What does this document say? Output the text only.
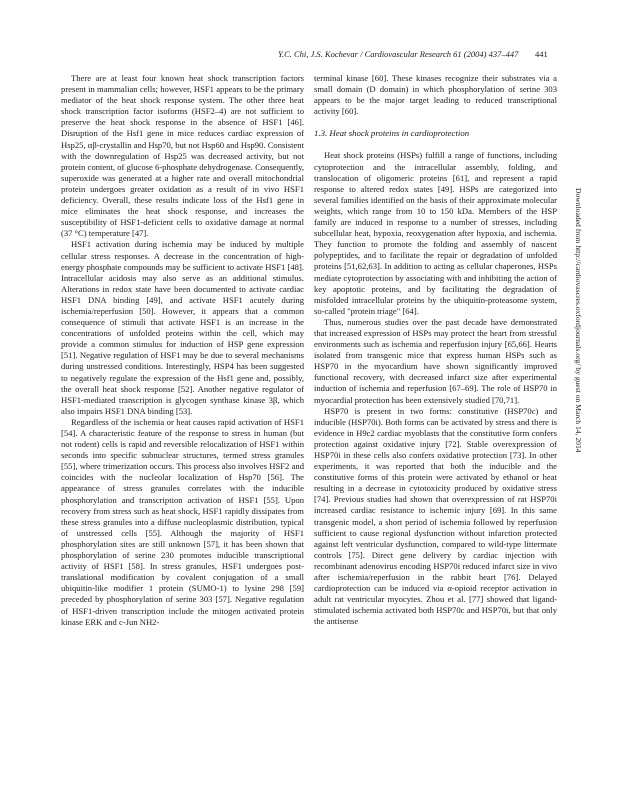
Y.C. Chi, J.S. Kochevar / Cardiovascular Research 61 (2004) 437–447 441

There are at least four known heat shock transcription factors present in mammalian cells; however, HSF1 appears to be the primary mediator of the heat shock response system. The other three heat shock transcription factor isoforms (HSF2–4) are not sufficient to preserve the heat shock response in the absence of HSF1 [46]. Disruption of the Hsf1 gene in mice reduces cardiac expression of Hsp25, αβ-crystallin and Hsp70, but not Hsp60 and Hsp90. Consistent with the downregulation of Hsp25 was decreased activity, but not protein content, of glucose 6-phosphate dehydrogenase. Consequently, superoxide was generated at a higher rate and overall mitochondrial protein undergoes greater oxidation as a result of in vivo HSF1 deficiency. Overall, these results indicate loss of the Hsf1 gene in mice eliminates the heat shock response, and increases the susceptibility of HSF1-deficient cells to oxidative damage at normal (37 °C) temperature [47].

HSF1 activation during ischemia may be induced by multiple cellular stress responses. A decrease in the concentration of high-energy phosphate compounds may be sufficient to activate HSF1 [48]. Intracellular acidosis may also serve as an additional stimulus. Alterations in redox state have been documented to activate cardiac HSF1 DNA binding [49], and activate HSF1 acutely during ischemia/reperfusion [50]. However, it appears that a common consequence of stimuli that activate HSF1 is an increase in the concentrations of unfolded proteins within the cell, which may provide a common stimulus for induction of HSP gene expression [51]. Negative regulation of HSF1 may be due to several mechanisms during unstressed conditions. Interestingly, HSP4 has been suggested to negatively regulate the expression of the Hsf1 gene and, possibly, the overall heat shock response [52]. Another negative regulator of HSF1-mediated transcription is glycogen synthase kinase 3β, which also impairs HSF1 DNA binding [53].

Regardless of the ischemia or heat causes rapid activation of HSF1 [54]. A characteristic feature of the response to stress in human (but not rodent) cells is rapid and reversible relocalization of HSF1 within seconds into specific subnuclear structures, termed stress granules [55], where trimerization occurs. This process also involves HSF2 and coincides with the nucleolar localization of Hsp70 [56]. The appearance of stress granules correlates with the inducible phosphorylation and transcription activation of HSF1 [55]. Upon recovery from stress such as heat shock, HSF1 rapidly dissipates from these stress granules into a diffuse nucleoplasmic distribution, typical of unstressed cells [55]. Although the majority of HSF1 phosphorylation sites are still unknown [57], it has been shown that phosphorylation of serine 230 promotes inducible transcriptional activity of HSF1 [58]. In stress granules, HSF1 undergoes post-translational modification by covalent conjugation of a small ubiquitin-like modifier 1 protein (SUMO-1) to lysine 298 [59] preceded by phosphorylation of serine 303 [57]. Negative regulation of HSF1-driven transcription include the mitogen activated protein kinase ERK and c-Jun NH2-

terminal kinase [60]. These kinases recognize their substrates via a small domain (D domain) in which phosphorylation of serine 303 appears to be the major target leading to reduced transcriptional activity [60].

1.3. Heat shock proteins in cardioprotection

Heat shock proteins (HSPs) fulfill a range of functions, including cytoprotection and the intracellular assembly, folding, and translocation of oligomeric proteins [61], and represent a rapid response to altered redox states [49]. HSPs are categorized into several families identified on the basis of their approximate molecular weights, which range from 10 to 150 kDa. Members of the HSP family are induced in response to a number of stresses, including subcellular heat, hypoxia, reoxygenation after hypoxia, and ischemia. They function to promote the folding and assembly of nascent polypeptides, and to facilitate the repair or degradation of unfolded proteins [51,62,63]. In addition to acting as cellular chaperones, HSPs mediate cytoprotection by associating with and inhibiting the action of key apoptotic proteins, and by facilitating the degradation of misfolded intracellular proteins by the ubiquitin-proteasome system, so-called "protein triage" [64].

Thus, numerous studies over the past decade have demonstrated that increased expression of HSPs may protect the heart from stressful environments such as ischemia and reperfusion injury [65,66]. Hearts isolated from transgenic mice that express human HSPs such as HSP70 in the myocardium have shown significantly improved functional recovery, with decreased infarct size after experimental induction of ischemia and reperfusion [67–69]. The role of HSP70 in myocardial protection has been extensively studied [70,71].

HSP70 is present in two forms: constitutive (HSP70c) and inducible (HSP70i). Both forms can be activated by stress and there is evidence in H9c2 cardiac myoblasts that the constitutive form confers protection against oxidative injury [72]. Stable overexpression of HSP70i in these cells also confers oxidative protection [73]. In other experiments, it was reported that both the inducible and the constitutive forms of this protein were activated by ethanol or heat resulting in a decrease in cytotoxicity produced by oxidative stress [74]. Previous studies had shown that overexpression of rat HSP70i increased cardiac resistance to ischemic injury [69]. In this same transgenic model, a short period of ischemia followed by reperfusion sufficient to cause regional dysfunction without infarction protected against left ventricular dysfunction, compared to wild-type littermate controls [75]. Direct gene delivery by cardiac injection with recombinant adenovirus encoding HSP70i reduced infarct size in vivo after ischemia/reperfusion in the rabbit heart [76]. Delayed cardioprotection can be induced via α-opioid receptor activation in adult rat ventricular myocytes. Zhou et al. [77] showed that ligand-stimulated ischemia activated both HSP70c and HSP70i, but that only the antisense

Downloaded from http://cardiovascres.oxfordjournals.org/ by guest on March 14, 2014
